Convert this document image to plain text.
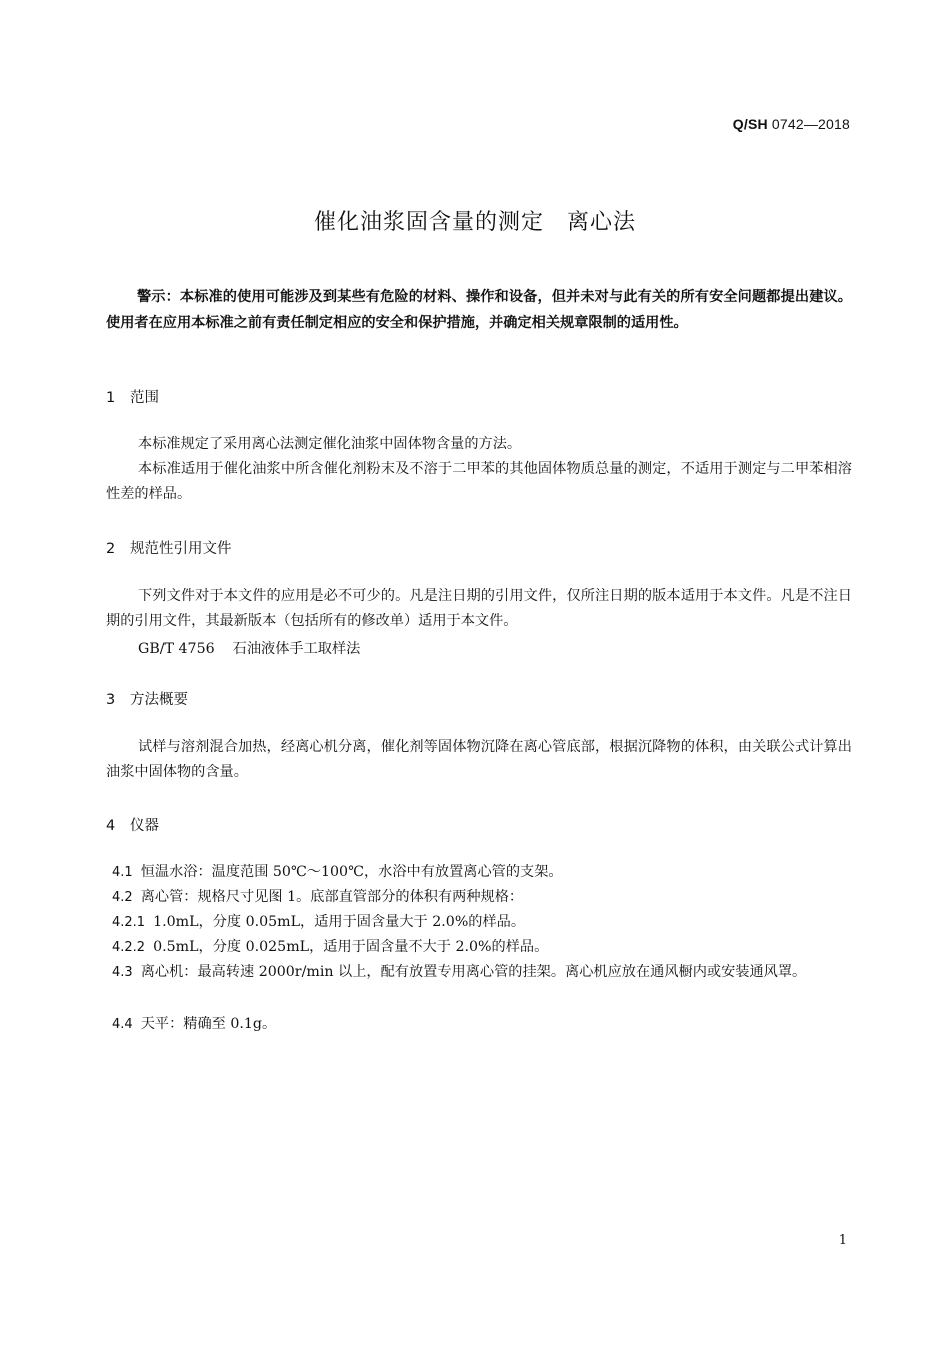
Q/SH 0742—2018
催化油浆固含量的测定　离心法
警示：本标准的使用可能涉及到某些有危险的材料、操作和设备，但并未对与此有关的所有安全问题都提出建议。使用者在应用本标准之前有责任制定相应的安全和保护措施，并确定相关规章限制的适用性。
1 范围

本标准规定了采用离心法测定催化油浆中固体物含量的方法。

本标准适用于催化油浆中所含催化剂粉末及不溶于二甲苯的其他固体物质总量的测定，不适用于测定与二甲苯相溶性差的样品。

2 规范性引用文件

下列文件对于本文件的应用是必不可少的。凡是注日期的引用文件，仅所注日期的版本适用于本文件。凡是不注日期的引用文件，其最新版本（包括所有的修改单）适用于本文件。

GB/T 4756 石油液体手工取样法
3 方法概要

试样与溶剂混合加热，经离心机分离，催化剂等固体物沉降在离心管底部，根据沉降物的体积，由关联公式计算出油浆中固体物的含量。

4 仪器
4.1 恒温水浴：温度范围 50℃～100℃，水浴中有放置离心管的支架。
4.2 离心管：规格尺寸见图 1。底部直管部分的体积有两种规格：
4.2.1 1.0mL，分度 0.05mL，适用于固含量大于 2.0%的样品。
4.2.2 0.5mL，分度 0.025mL，适用于固含量不大于 2.0%的样品。
4.3 离心机：最高转速 2000r/min 以上，配有放置专用离心管的挂架。离心机应放在通风橱内或安装通风罩。
4.4 天平：精确至 0.1g。
1
